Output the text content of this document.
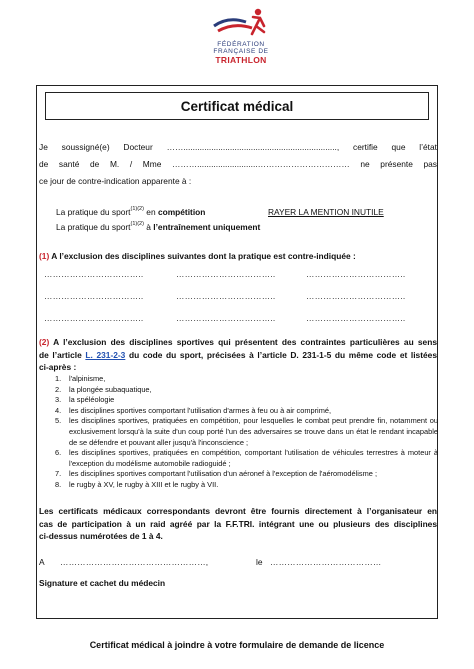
FÉDÉRATION
FRANÇAISE DE
TRIATHLON
Certificat médical
Je soussigné(e) Docteur …….................................................................., certifie que l’état
de santé de M. / Mme ………..........................…………………………… ne présente pas
ce jour de contre-indication apparente à :
La pratique du sport$^{(1)(2)}$ en compétition	RAYER LA MENTION INUTILE
La pratique du sport$^{(1)(2)}$ à l’entraînement uniquement
(1) A l’exclusion des disciplines suivantes dont la pratique est contre-indiquée :
……………………………..	……………………………..	……………………………..
……………………………..	……………………………..	……………………………..
……………………………..	……………………………..	……………………………..
(2) A l’exclusion des disciplines sportives qui présentent des contraintes particulières au sens
de l’article L. 231-2-3 du code du sport, précisées à l’article D. 231-1-5 du même code et listées
ci-après :
1.	l'alpinisme,
2.	la plongée subaquatique,
3.	la spéléologie
4.	les disciplines sportives comportant l'utilisation d'armes à feu ou à air comprimé,
5.	les disciplines sportives, pratiquées en compétition, pour lesquelles le combat peut prendre fin, notamment ou exclusivement lorsqu'à la suite d'un coup porté l'un des adversaires se trouve dans un état le rendant incapable de se défendre et pouvant aller jusqu'à l'inconscience ;
6.	les disciplines sportives, pratiquées en compétition, comportant l'utilisation de véhicules terrestres à moteur à l'exception du modélisme automobile radioguidé ;
7.	les disciplines sportives comportant l'utilisation d'un aéronef à l'exception de l'aéromodélisme ;
8.	le rugby à XV, le rugby à XIII et le rugby à VII.
Les certificats médicaux correspondants devront être fournis directement à l’organisateur en
cas de participation à un raid agréé par la F.F.TRI. intégrant une ou plusieurs des disciplines
ci-dessus numérotées de 1 à 4.
A ……………………………………………,	le …………………………………
Signature et cachet du médecin
Certificat médical à joindre à votre formulaire de demande de licence
